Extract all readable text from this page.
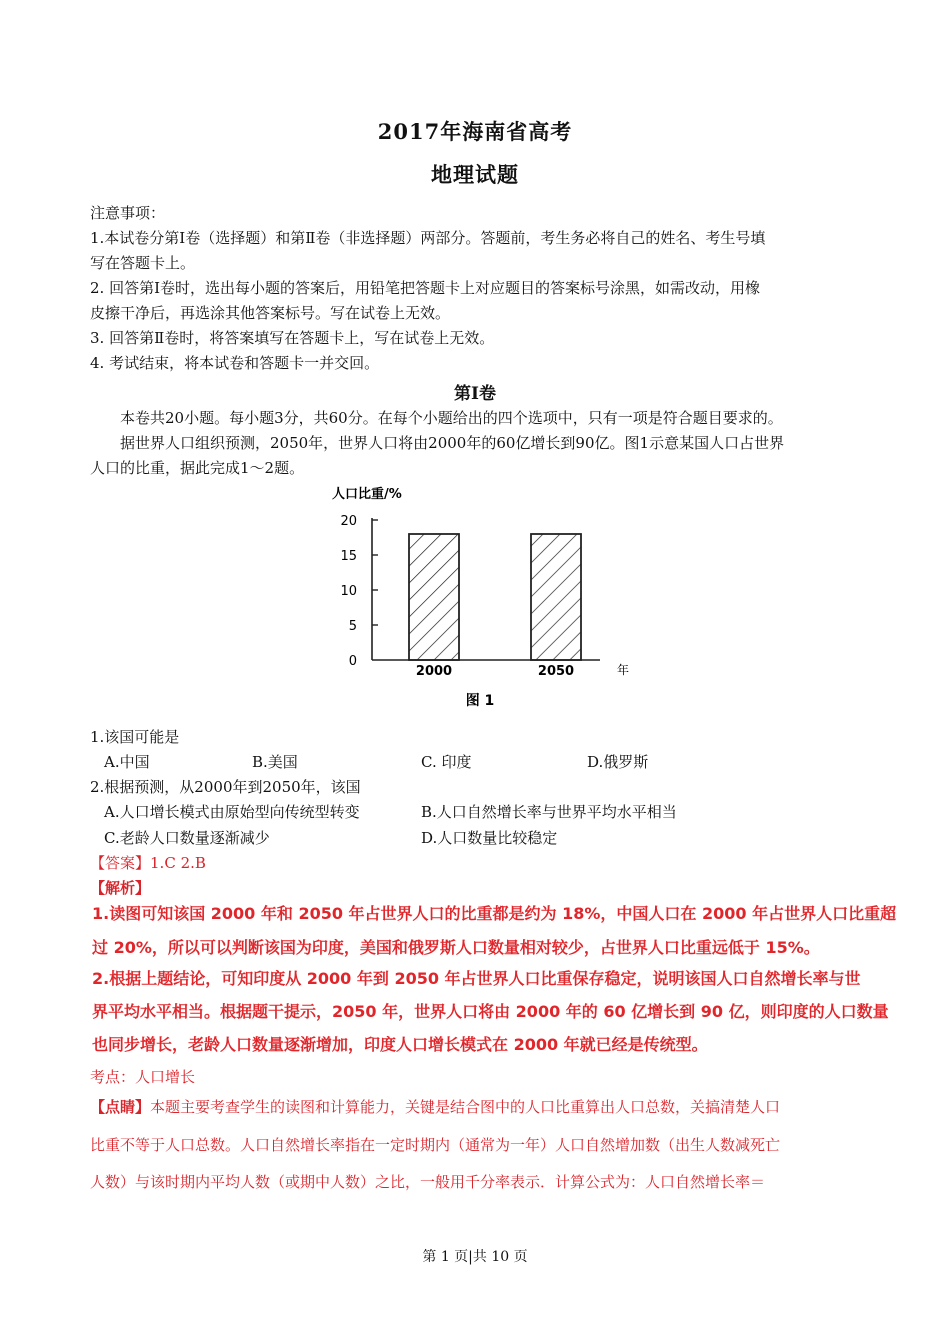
2017年海南省高考
地理试题
注意事项：
1.本试卷分第Ⅰ卷（选择题）和第Ⅱ卷（非选择题）两部分。答题前，考生务必将自己的姓名、考生号填
写在答题卡上。
2. 回答第Ⅰ卷时，选出每小题的答案后，用铅笔把答题卡上对应题目的答案标号涂黑，如需改动，用橡
皮擦干净后，再选涂其他答案标号。写在试卷上无效。
3. 回答第Ⅱ卷时，将答案填写在答题卡上，写在试卷上无效。
4. 考试结束，将本试卷和答题卡一并交回。
第Ⅰ卷
本卷共20小题。每小题3分，共60分。在每个小题给出的四个选项中，只有一项是符合题目要求的。
据世界人口组织预测，2050年，世界人口将由2000年的60亿增长到90亿。图1示意某国人口占世界
人口的比重，据此完成1～2题。
人口比重/%
0
5
10
15
20
2000	2050	年
图 1
1.该国可能是
A.中国	B.美国	C. 印度	D.俄罗斯
2.根据预测，从2000年到2050年，该国
A.人口增长模式由原始型向传统型转变	B.人口自然增长率与世界平均水平相当
C.老龄人口数量逐渐减少	D.人口数量比较稳定
【答案】1.C 2.B
【解析】
1.读图可知该国 2000 年和 2050 年占世界人口的比重都是约为 18%，中国人口在 2000 年占世界人口比重超
过 20%，所以可以判断该国为印度，美国和俄罗斯人口数量相对较少，占世界人口比重远低于 15%。
2.根据上题结论，可知印度从 2000 年到 2050 年占世界人口比重保存稳定，说明该国人口自然增长率与世
界平均水平相当。根据题干提示，2050 年，世界人口将由 2000 年的 60 亿增长到 90 亿，则印度的人口数量
也同步增长，老龄人口数量逐渐增加，印度人口增长模式在 2000 年就已经是传统型。
考点：人口增长
【点睛】本题主要考查学生的读图和计算能力，关键是结合图中的人口比重算出人口总数，关搞清楚人口
比重不等于人口总数。人口自然增长率指在一定时期内（通常为一年）人口自然增加数（出生人数减死亡
人数）与该时期内平均人数（或期中人数）之比，一般用千分率表示．计算公式为：人口自然增长率＝
第 1 页|共 10 页
